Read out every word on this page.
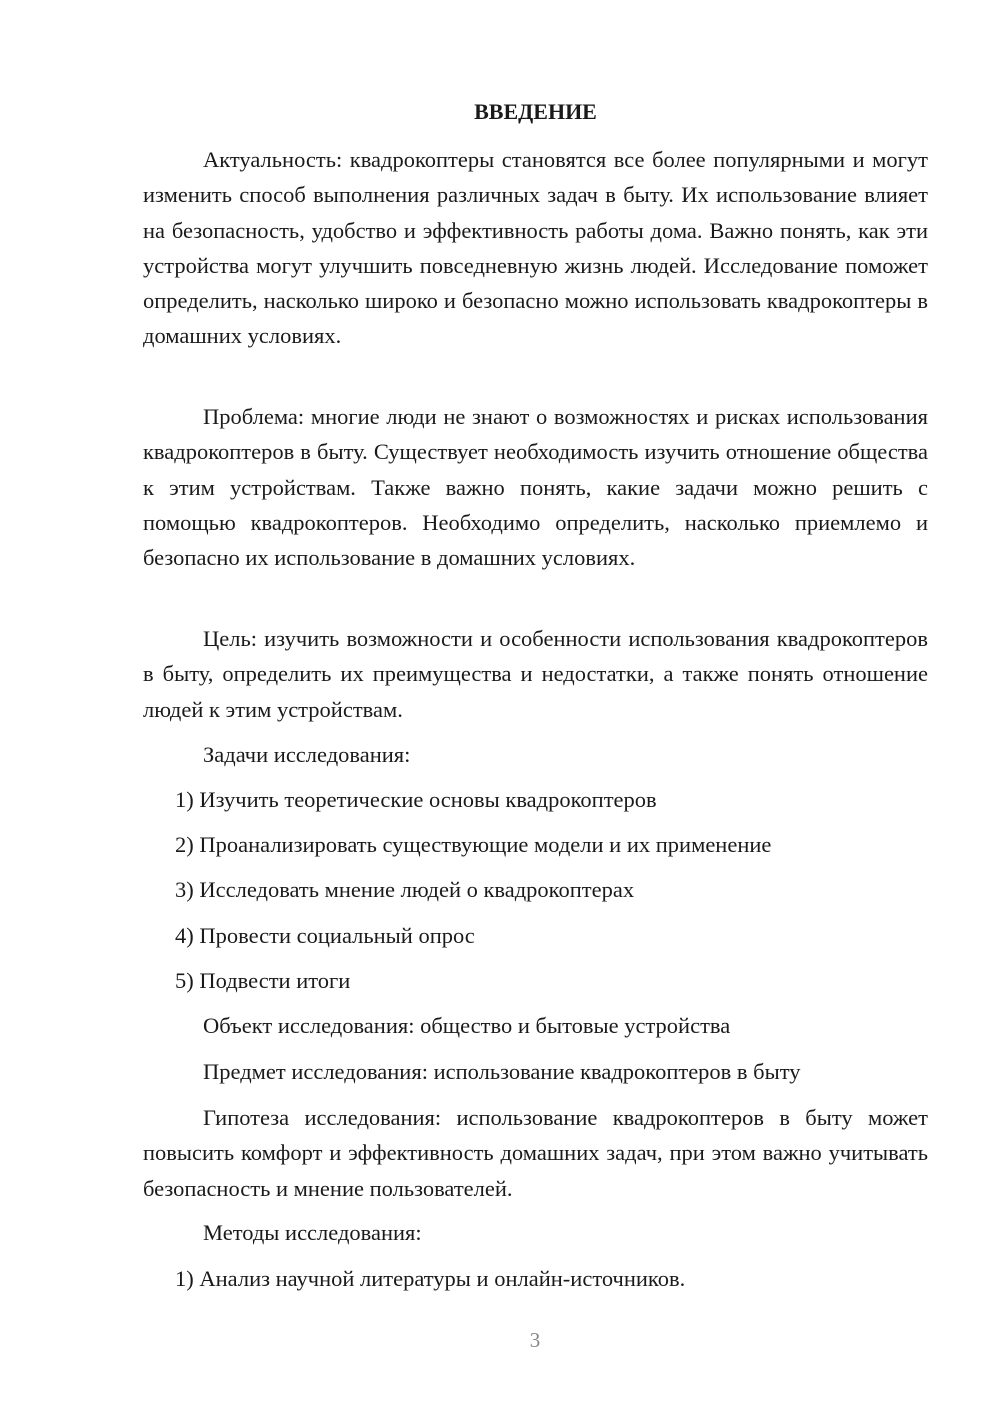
ВВЕДЕНИЕ

Актуальность: квадрокоптеры становятся все более популярными и могут изменить способ выполнения различных задач в быту. Их использование влияет на безопасность, удобство и эффективность работы дома. Важно понять, как эти устройства могут улучшить повседневную жизнь людей. Исследование поможет определить, насколько широко и безопасно можно использовать квадрокоптеры в домашних условиях.

Проблема: многие люди не знают о возможностях и рисках использования квадрокоптеров в быту. Существует необходимость изучить отношение общества к этим устройствам. Также важно понять, какие задачи можно решить с помощью квадрокоптеров. Необходимо определить, насколько приемлемо и безопасно их использование в домашних условиях.

Цель: изучить возможности и особенности использования квадрокоптеров в быту, определить их преимущества и недостатки, а также понять отношение людей к этим устройствам.

Задачи исследования:

1) Изучить теоретические основы квадрокоптеров

2) Проанализировать существующие модели и их применение

3) Исследовать мнение людей о квадрокоптерах

4) Провести социальный опрос

5) Подвести итоги

Объект исследования: общество и бытовые устройства

Предмет исследования: использование квадрокоптеров в быту

Гипотеза исследования: использование квадрокоптеров в быту может повысить комфорт и эффективность домашних задач, при этом важно учитывать безопасность и мнение пользователей.

Методы исследования:

1) Анализ научной литературы и онлайн-источников.

3
